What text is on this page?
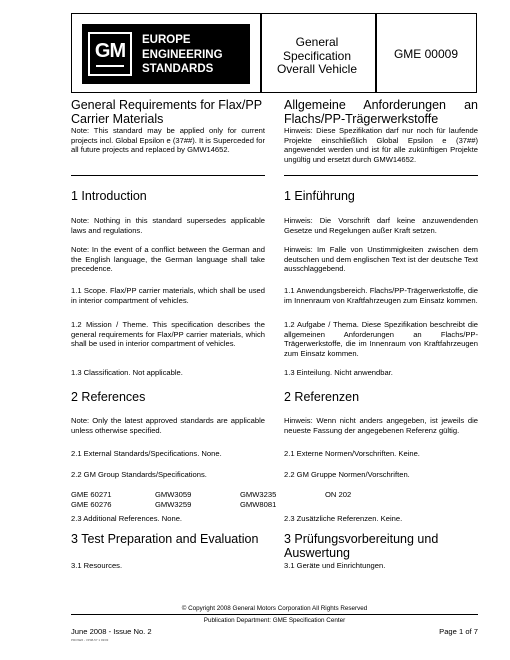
GM	EUROPE
ENGINEERING
STANDARDS
General
Specification
Overall Vehicle
GME 00009
General Requirements for Flax/PP Carrier Materials
Note: This standard may be applied only for current projects incl. Global Epsilon e (37##). It is Superceded for all future projects and replaced by GMW14652.
1 Introduction
Note: Nothing in this standard supersedes applicable laws and regulations.
Note: In the event of a conflict between the German and the English language, the German language shall take precedence.
1.1 Scope. Flax/PP carrier materials, which shall be used in interior compartment of vehicles.
1.2 Mission / Theme. This specification describes the general requirements for Flax/PP carrier materials, which shall be used in interior compartment of vehicles.
1.3 Classification. Not applicable.
2 References
Note: Only the latest approved standards are applicable unless otherwise specified.
2.1 External Standards/Specifications. None.
2.2 GM Group Standards/Specifications.
GME 60271	GMW3059	GMW3235	ON 202
GME 60276	GMW3259	GMW8081
2.3 Additional References. None.
3 Test Preparation and Evaluation
3.1 Resources.
Allgemeine Anforderungen an Flachs/PP-Trägerwerkstoffe
Hinweis: Diese Spezifikation darf nur noch für laufende Projekte einschließlich Global Epsilon e (37##) angewendet werden und ist für alle zukünftigen Projekte ungültig und ersetzt durch GMW14652.
1 Einführung
Hinweis: Die Vorschrift darf keine anzuwendenden Gesetze und Regelungen außer Kraft setzen.
Hinweis: Im Falle von Unstimmigkeiten zwischen dem deutschen und dem englischen Text ist der deutsche Text ausschlaggebend.
1.1 Anwendungsbereich. Flachs/PP-Trägerwerkstoffe, die im Innenraum von Kraftfahrzeugen zum Einsatz kommen.
1.2 Aufgabe / Thema. Diese Spezifikation beschreibt die allgemeinen Anforderungen an Flachs/PP-Trägerwerkstoffe, die im Innenraum von Kraftfahrzeugen zum Einsatz kommen.
1.3 Einteilung. Nicht anwendbar.
2 Referenzen
Hinweis: Wenn nicht anders angegeben, ist jeweils die neueste Fassung der angegebenen Referenz gültig.
2.1 Externe Normen/Vorschriften. Keine.
2.2 GM Gruppe Normen/Vorschriften.
2.3 Zusätzliche Referenzen. Keine.
3 Prüfungsvorbereitung und Auswertung
3.1 Geräte und Einrichtungen.
© Copyright 2008 General Motors Corporation All Rights Reserved
Publication Department: GME Specification Center
June 2008 - Issue No. 2	Page 1 of 7
PROSE5 - VP08-57 1 03/03
